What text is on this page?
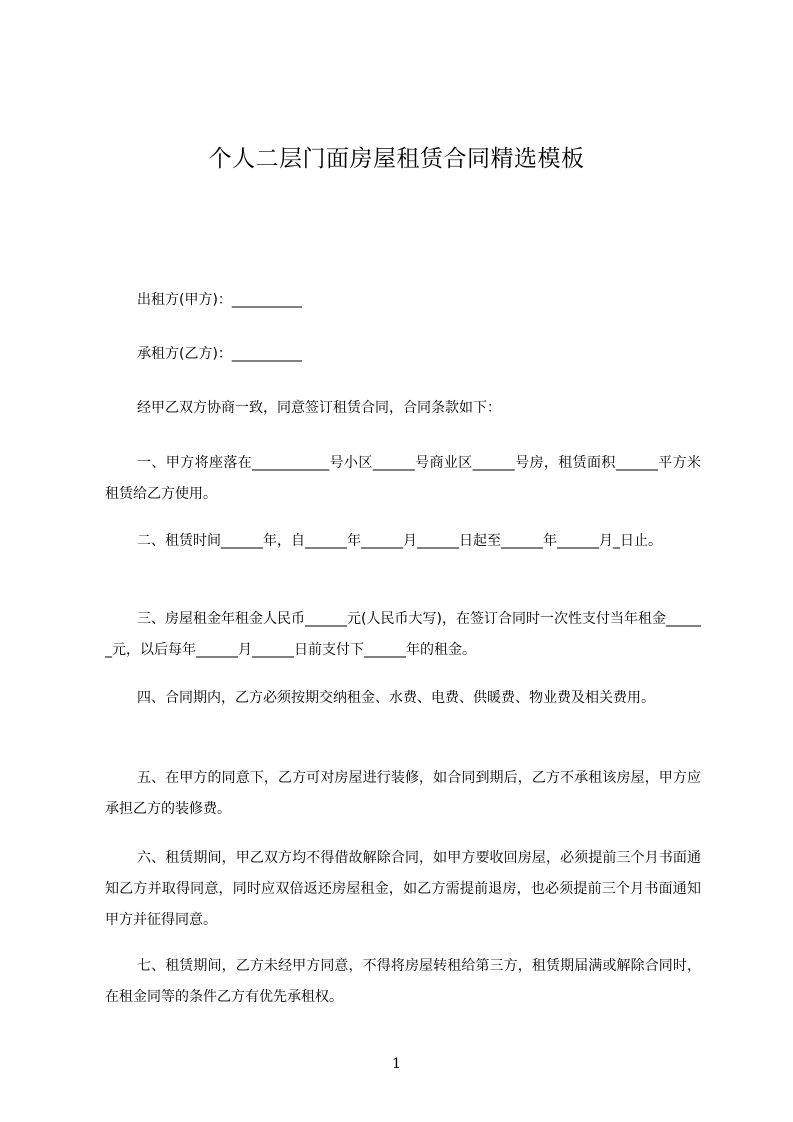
个人二层门面房屋租赁合同精选模板

出租方(甲方)：__________

承租方(乙方)：__________

经甲乙双方协商一致，同意签订租赁合同，合同条款如下：

一、甲方将座落在___________号小区______号商业区______号房，租赁面积______平方米租赁给乙方使用。

二、租赁时间______年，自______年______月______日起至______年______月_日止。

三、房屋租金年租金人民币______元(人民币大写)，在签订合同时一次性支付当年租金______元，以后每年______月______日前支付下______年的租金。

四、合同期内，乙方必须按期交纳租金、水费、电费、供暖费、物业费及相关费用。

五、在甲方的同意下，乙方可对房屋进行装修，如合同到期后，乙方不承租该房屋，甲方应承担乙方的装修费。

六、租赁期间，甲乙双方均不得借故解除合同，如甲方要收回房屋，必须提前三个月书面通知乙方并取得同意，同时应双倍返还房屋租金，如乙方需提前退房，也必须提前三个月书面通知甲方并征得同意。

七、租赁期间，乙方未经甲方同意，不得将房屋转租给第三方，租赁期届满或解除合同时，在租金同等的条件乙方有优先承租权。

1
